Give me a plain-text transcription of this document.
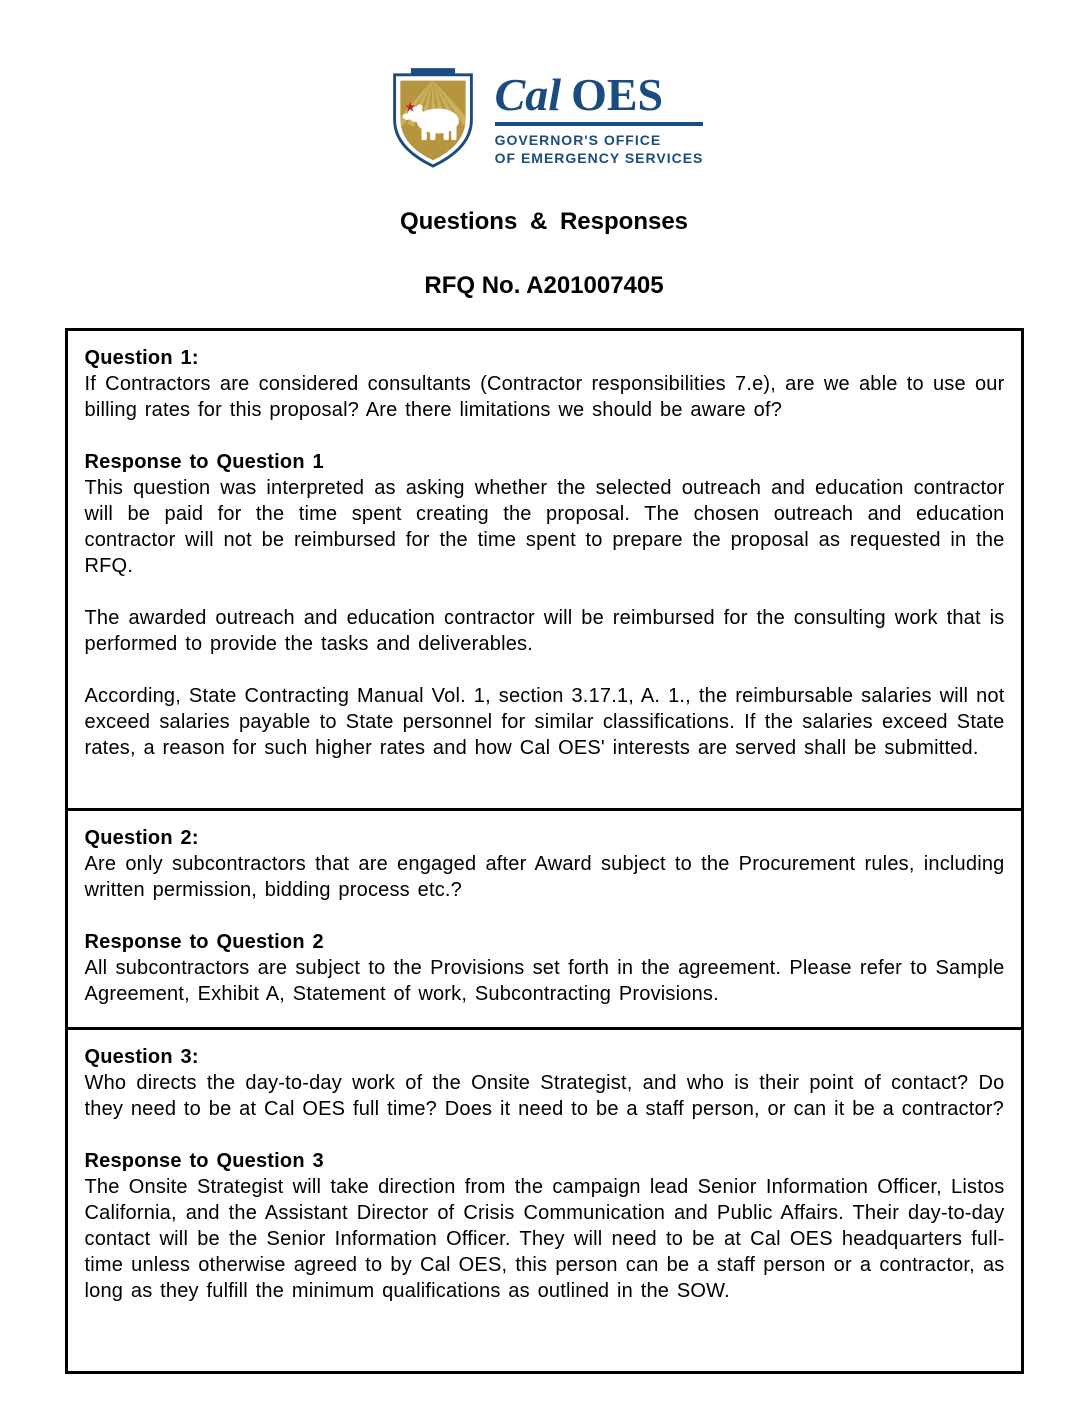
★ Cal OES
GOVERNOR'S OFFICE
OF EMERGENCY SERVICES
Questions & Responses
RFQ No. A201007405
Question 1:
If Contractors are considered consultants (Contractor responsibilities 7.e), are we able to use our billing rates for this proposal? Are there limitations we should be aware of?
Response to Question 1
This question was interpreted as asking whether the selected outreach and education contractor will be paid for the time spent creating the proposal. The chosen outreach and education contractor will not be reimbursed for the time spent to prepare the proposal as requested in the RFQ.
The awarded outreach and education contractor will be reimbursed for the consulting work that is performed to provide the tasks and deliverables.
According, State Contracting Manual Vol. 1, section 3.17.1, A. 1., the reimbursable salaries will not exceed salaries payable to State personnel for similar classifications. If the salaries exceed State rates, a reason for such higher rates and how Cal OES' interests are served shall be submitted.
Question 2:
Are only subcontractors that are engaged after Award subject to the Procurement rules, including written permission, bidding process etc.?
Response to Question 2
All subcontractors are subject to the Provisions set forth in the agreement. Please refer to Sample Agreement, Exhibit A, Statement of work, Subcontracting Provisions.
Question 3:
Who directs the day-to-day work of the Onsite Strategist, and who is their point of contact? Do they need to be at Cal OES full time? Does it need to be a staff person, or can it be a contractor?
Response to Question 3
The Onsite Strategist will take direction from the campaign lead Senior Information Officer, Listos California, and the Assistant Director of Crisis Communication and Public Affairs. Their day-to-day contact will be the Senior Information Officer. They will need to be at Cal OES headquarters full-time unless otherwise agreed to by Cal OES, this person can be a staff person or a contractor, as long as they fulfill the minimum qualifications as outlined in the SOW.
